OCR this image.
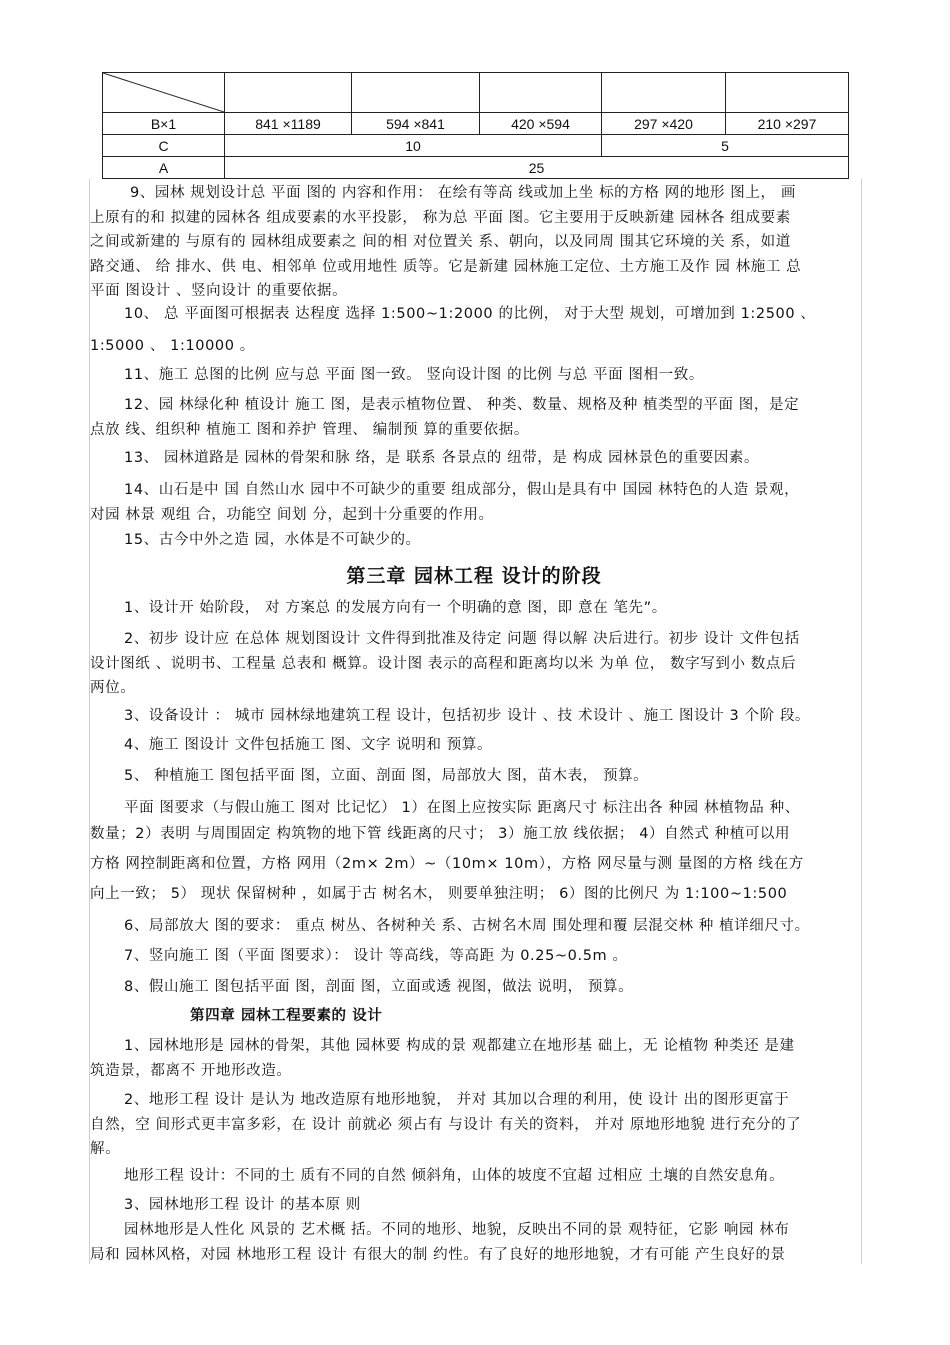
B×1	841 ×1189	594 ×841	420 ×594	297 ×420	210 ×297
C	10			5	
A	25				

9、园林 规划设计总 平面 图的 内容和作用： 在绘有等高 线或加上坐 标的方格 网的地形 图上， 画

上原有的和 拟建的园林各 组成要素的水平投影， 称为总 平面 图。它主要用于反映新建 园林各 组成要素

之间或新建的 与原有的 园林组成要素之 间的相 对位置关 系、朝向，以及同周 围其它环境的关 系，如道

路交通、 给 排水、供 电、相邻单 位或用地性 质等。它是新建 园林施工定位、土方施工及作 园 林施工 总

平面 图设计 、竖向设计 的重要依据。

10、 总 平面图可根据表 达程度 选择 1:500~1:2000 的比例， 对于大型 规划，可增加到 1:2500 、

1:5000 、 1:10000 。

11、施工 总图的比例 应与总 平面 图一致。 竖向设计图 的比例 与总 平面 图相一致。

12、园 林绿化种 植设计 施工 图，是表示植物位置、 种类、数量、规格及种 植类型的平面 图，是定

点放 线、组织种 植施工 图和养护 管理、 编制预 算的重要依据。

13、 园林道路是 园林的骨架和脉 络，是 联系 各景点的 纽带，是 构成 园林景色的重要因素。

14、山石是中 国 自然山水 园中不可缺少的重要 组成部分，假山是具有中 国园 林特色的人造 景观，

对园 林景 观组 合，功能空 间划 分，起到十分重要的作用。

15、古今中外之造 园，水体是不可缺少的。

第三章 园林工程 设计的阶段

1、设计开 始阶段， 对 方案总 的发展方向有一 个明确的意 图，即 意在 笔先”。

2、初步 设计应 在总体 规划图设计 文件得到批准及待定 问题 得以解 决后进行。初步 设计 文件包括

设计图纸 、说明书、工程量 总表和 概算。设计图 表示的高程和距离均以米 为单 位， 数字写到小 数点后

两位。

3、设备设计 ： 城市 园林绿地建筑工程 设计，包括初步 设计 、技 术设计 、施工 图设计 3 个阶 段。

4、施工 图设计 文件包括施工 图、文字 说明和 预算。

5、 种植施工 图包括平面 图，立面、剖面 图，局部放大 图，苗木表， 预算。

平面 图要求（与假山施工 图对 比记忆） 1）在图上应按实际 距离尺寸 标注出各 种园 林植物品 种、

数量；2）表明 与周围固定 构筑物的地下管 线距离的尺寸； 3）施工放 线依据； 4）自然式 种植可以用

方格 网控制距离和位置，方格 网用（2m× 2m）~（10m× 10m），方格 网尽量与测 量图的方格 线在方

向上一致； 5） 现状 保留树种 ，如属于古 树名木， 则要单独注明； 6）图的比例尺 为 1:100~1:500

6、局部放大 图的要求： 重点 树丛、各树种关 系、古树名木周 围处理和覆 层混交林 种 植详细尺寸。

7、竖向施工 图（平面 图要求）： 设计 等高线，等高距 为 0.25~0.5m 。

8、假山施工 图包括平面 图，剖面 图，立面或透 视图，做法 说明， 预算。

第四章 园林工程要素的 设计

1、园林地形是 园林的骨架，其他 园林要 构成的景 观都建立在地形基 础上，无 论植物 种类还 是建

筑造景，都离不 开地形改造。

2、地形工程 设计 是认为 地改造原有地形地貌， 并对 其加以合理的利用，使 设计 出的图形更富于

自然，空 间形式更丰富多彩，在 设计 前就必 须占有 与设计 有关的资料， 并对 原地形地貌 进行充分的了

解。

地形工程 设计：不同的土 质有不同的自然 倾斜角，山体的坡度不宜超 过相应 土壤的自然安息角。

3、园林地形工程 设计 的基本原 则

园林地形是人性化 风景的 艺术概 括。不同的地形、地貌，反映出不同的景 观特征，它影 响园 林布

局和 园林风格，对园 林地形工程 设计 有很大的制 约性。有了良好的地形地貌，才有可能 产生良好的景
